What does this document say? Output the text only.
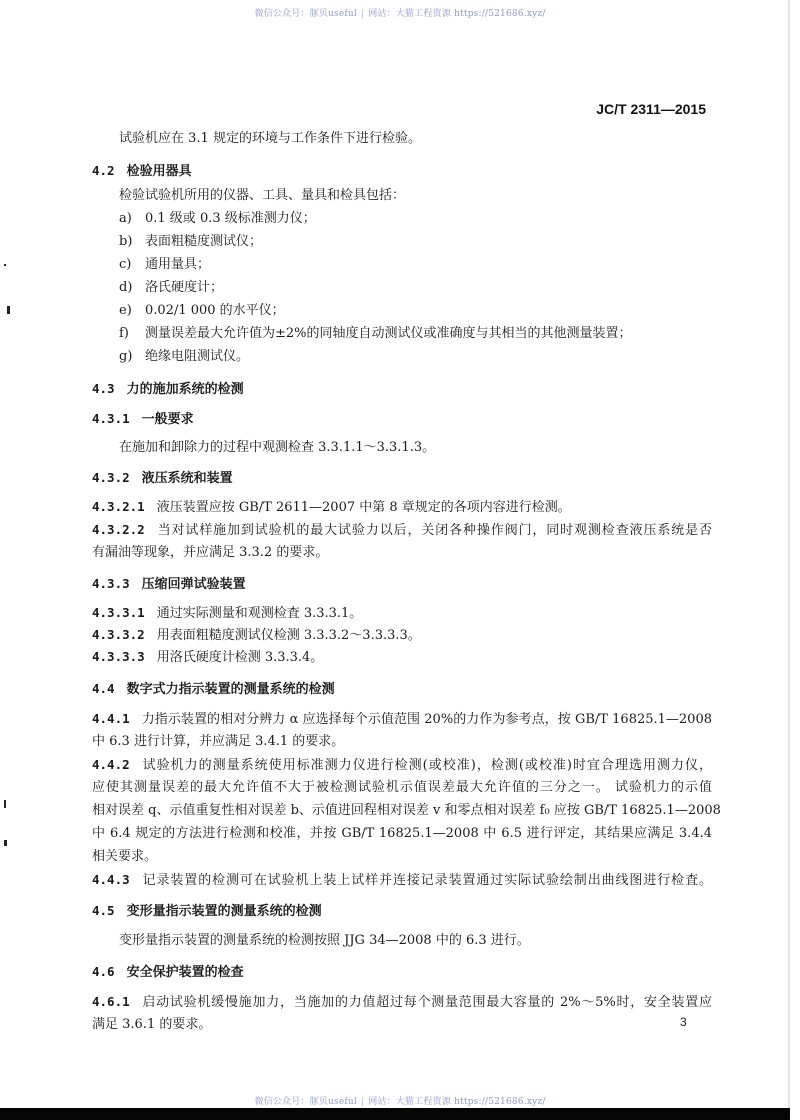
微信公众号：豚贝useful | 网站：大猫工程资源 https://521686.xyz/
JC/T 2311—2015
试验机应在 3.1 规定的环境与工作条件下进行检验。
4.2 检验用器具
检验试验机所用的仪器、工具、量具和检具包括：
a) 0.1 级或 0.3 级标准测力仪；
b) 表面粗糙度测试仪；
c) 通用量具；
d) 洛氏硬度计；
e) 0.02/1 000 的水平仪；
f) 测量误差最大允许值为±2%的同轴度自动测试仪或准确度与其相当的其他测量装置；
g) 绝缘电阻测试仪。
4.3 力的施加系统的检测
4.3.1 一般要求
在施加和卸除力的过程中观测检查 3.3.1.1～3.3.1.3。
4.3.2 液压系统和装置
4.3.2.1 液压装置应按 GB/T 2611—2007 中第 8 章规定的各项内容进行检测。
4.3.2.2 当对试样施加到试验机的最大试验力以后，关闭各种操作阀门，同时观测检查液压系统是否
有漏油等现象，并应满足 3.3.2 的要求。
4.3.3 压缩回弹试验装置
4.3.3.1 通过实际测量和观测检査 3.3.3.1。
4.3.3.2 用表面粗糙度测试仪检测 3.3.3.2～3.3.3.3。
4.3.3.3 用洛氏硬度计检测 3.3.3.4。
4.4 数字式力指示装置的测量系统的检测
4.4.1 力指示装置的相对分辨力 α 应选择每个示值范围 20%的力作为参考点，按 GB/T 16825.1—2008
中 6.3 进行计算，并应满足 3.4.1 的要求。
4.4.2 试验机力的测量系统使用标准测力仪进行检测(或校准)，检测(或校准)时宜合理选用测力仪，
应使其测量误差的最大允许值不大于被检测试验机示值误差最大允许值的三分之一。 试验机力的示值
相对误差 q、示值重复性相对误差 b、示值进回程相对误差 v 和零点相对误差 f₀ 应按 GB/T 16825.1—2008
中 6.4 规定的方法进行检测和校准，并按 GB/T 16825.1—2008 中 6.5 进行评定，其结果应满足 3.4.4
相关要求。
4.4.3 记录装置的检测可在试验机上装上试样并连接记录装置通过实际试验绘制出曲线图进行检査。
4.5 变形量指示装置的测量系统的检测
变形量指示装置的测量系统的检测按照 JJG 34—2008 中的 6.3 进行。
4.6 安全保护装置的检查
4.6.1 启动试验机缓慢施加力，当施加的力值超过每个测量范围最大容量的 2%～5%时，安全装置应
满足 3.6.1 的要求。	3
微信公众号：豚贝useful | 网站：大猫工程资源 https://521686.xyz/
